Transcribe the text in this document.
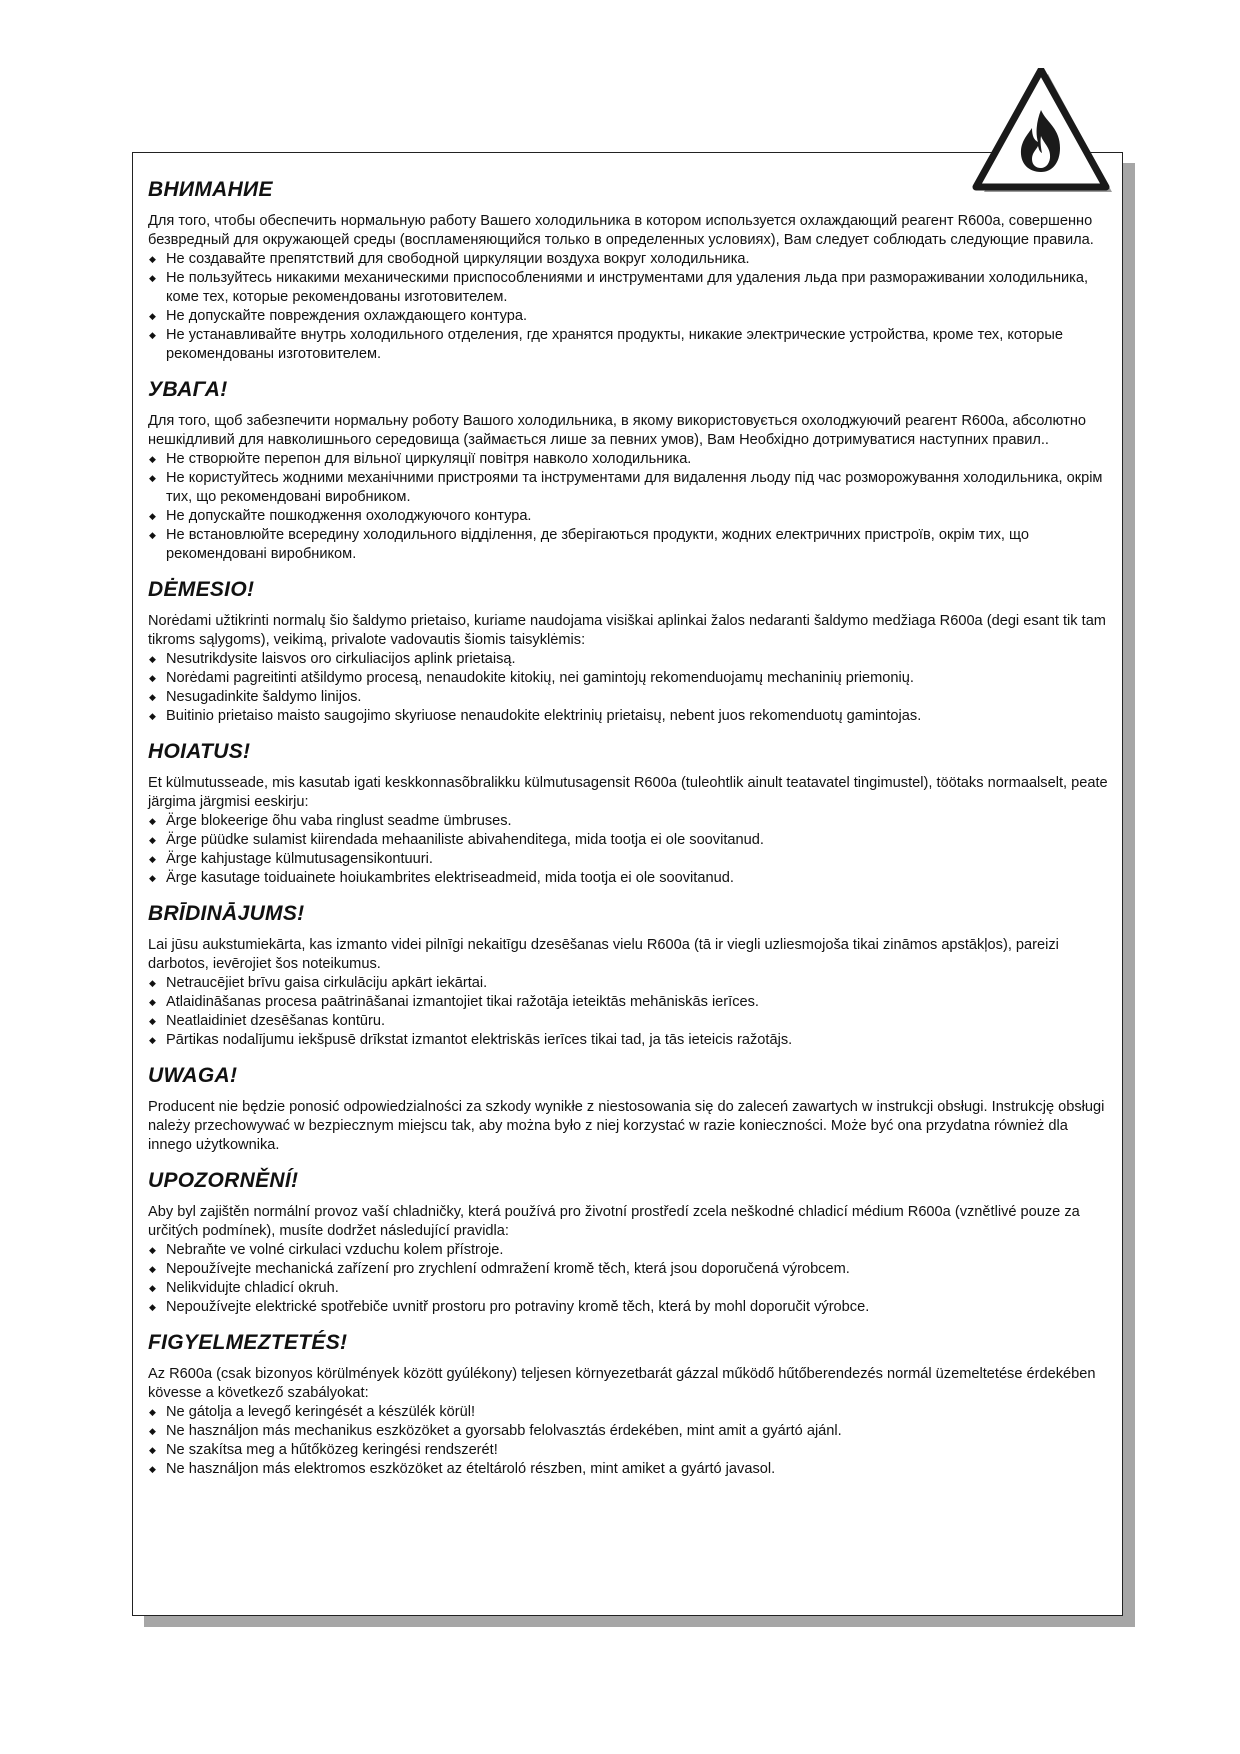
ВНИМАНИЕ

Для того, чтобы обеспечить нормальную работу Вашего холодильника в котором используется охлаждающий реагент R600a, совершенно безвредный для окружающей среды (воспламеняющийся только в определенных условиях), Вам следует соблюдать следующие правила.

◆ Не создавайте препятствий для свободной циркуляции воздуха вокруг холодильника.
◆ Не пользуйтесь никакими механическими приспособлениями и инструментами для удаления льда при размораживании холодильника, коме тех, которые рекомендованы изготовителем.
◆ Не допускайте повреждения охлаждающего контура.
◆ Не устанавливайте внутрь холодильного отделения, где хранятся продукты, никакие электрические устройства, кроме тех, которые рекомендованы изготовителем.
УВАГА!

Для того, щоб забезпечити нормальну роботу Вашого холодильника, в якому використовується охолоджуючий реагент R600a, абсолютно нешкідливий для навколишнього середовища (займається лише за певних умов), Вам Необхідно дотримуватися наступних правил..

◆ Не створюйте перепон для вільної циркуляції повітря навколо холодильника.
◆ Не користуйтесь жодними механічними пристроями та інструментами для видалення льоду під час розморожування холодильника, окрім тих, що рекомендовані виробником.
◆ Не допускайте пошкодження охолоджуючого контура.
◆ Не встановлюйте всередину холодильного відділення, де зберігаються продукти, жодних електричних пристроїв, окрім тих, що рекомендовані виробником.
DĖMESIO!

Norėdami užtikrinti normalų šio šaldymo prietaiso, kuriame naudojama visiškai aplinkai žalos nedaranti šaldymo medžiaga R600a (degi esant tik tam tikroms sąlygoms), veikimą, privalote vadovautis šiomis taisyklėmis:

◆ Nesutrikdysite laisvos oro cirkuliacijos aplink prietaisą.
◆ Norėdami pagreitinti atšildymo procesą, nenaudokite kitokių, nei gamintojų rekomenduojamų mechaninių priemonių.
◆ Nesugadinkite šaldymo linijos.
◆ Buitinio prietaiso maisto saugojimo skyriuose nenaudokite elektrinių prietaisų, nebent juos rekomenduotų gamintojas.
HOIATUS!

Et külmutusseade, mis kasutab igati keskkonnasõbralikku külmutusagensit R600a (tuleohtlik ainult teatavatel tingimustel), töötaks normaalselt, peate järgima järgmisi eeskirju:

◆ Ärge blokeerige õhu vaba ringlust seadme ümbruses.
◆ Ärge püüdke sulamist kiirendada mehaaniliste abivahenditega, mida tootja ei ole soovitanud.
◆ Ärge kahjustage külmutusagensikontuuri.
◆ Ärge kasutage toiduainete hoiukambrites elektriseadmeid, mida tootja ei ole soovitanud.
BRĪDINĀJUMS!

Lai jūsu aukstumiekārta, kas izmanto videi pilnīgi nekaitīgu dzesēšanas vielu R600a (tā ir viegli uzliesmojoša tikai zināmos apstākļos), pareizi darbotos, ievērojiet šos noteikumus.

◆ Netraucējiet brīvu gaisa cirkulāciju apkārt iekārtai.
◆ Atlaidināšanas procesa paātrināšanai izmantojiet tikai ražotāja ieteiktās mehāniskās ierīces.
◆ Neatlaidiniet dzesēšanas kontūru.
◆ Pārtikas nodalījumu iekšpusē drīkstat izmantot elektriskās ierīces tikai tad, ja tās ieteicis ražotājs.
UWAGA!

Producent nie będzie ponosić odpowiedzialności za szkody wynikłe z niestosowania się do zaleceń zawartych w instrukcji obsługi. Instrukcję obsługi należy przechowywać w bezpiecznym miejscu tak, aby można było z niej korzystać w razie konieczności. Może być ona przydatna również dla innego użytkownika.

UPOZORNĚNÍ!

Aby byl zajištěn normální provoz vaší chladničky, která používá pro životní prostředí zcela neškodné chladicí médium R600a (vznětlivé pouze za určitých podmínek), musíte dodržet následující pravidla:

◆ Nebraňte ve volné cirkulaci vzduchu kolem přístroje.
◆ Nepoužívejte mechanická zařízení pro zrychlení odmražení kromě těch, která jsou doporučená výrobcem.
◆ Nelikvidujte chladicí okruh.
◆ Nepoužívejte elektrické spotřebiče uvnitř prostoru pro potraviny kromě těch, která by mohl doporučit výrobce.
FIGYELMEZTETÉS!

Az R600a (csak bizonyos körülmények között gyúlékony) teljesen környezetbarát gázzal működő hűtőberendezés normál üzemeltetése érdekében kövesse a következő szabályokat:

◆ Ne gátolja a levegő keringését a készülék körül!
◆ Ne használjon más mechanikus eszközöket a gyorsabb felolvasztás érdekében, mint amit a gyártó ajánl.
◆ Ne szakítsa meg a hűtőközeg keringési rendszerét!
◆ Ne használjon más elektromos eszközöket az ételtároló részben, mint amiket a gyártó javasol.
